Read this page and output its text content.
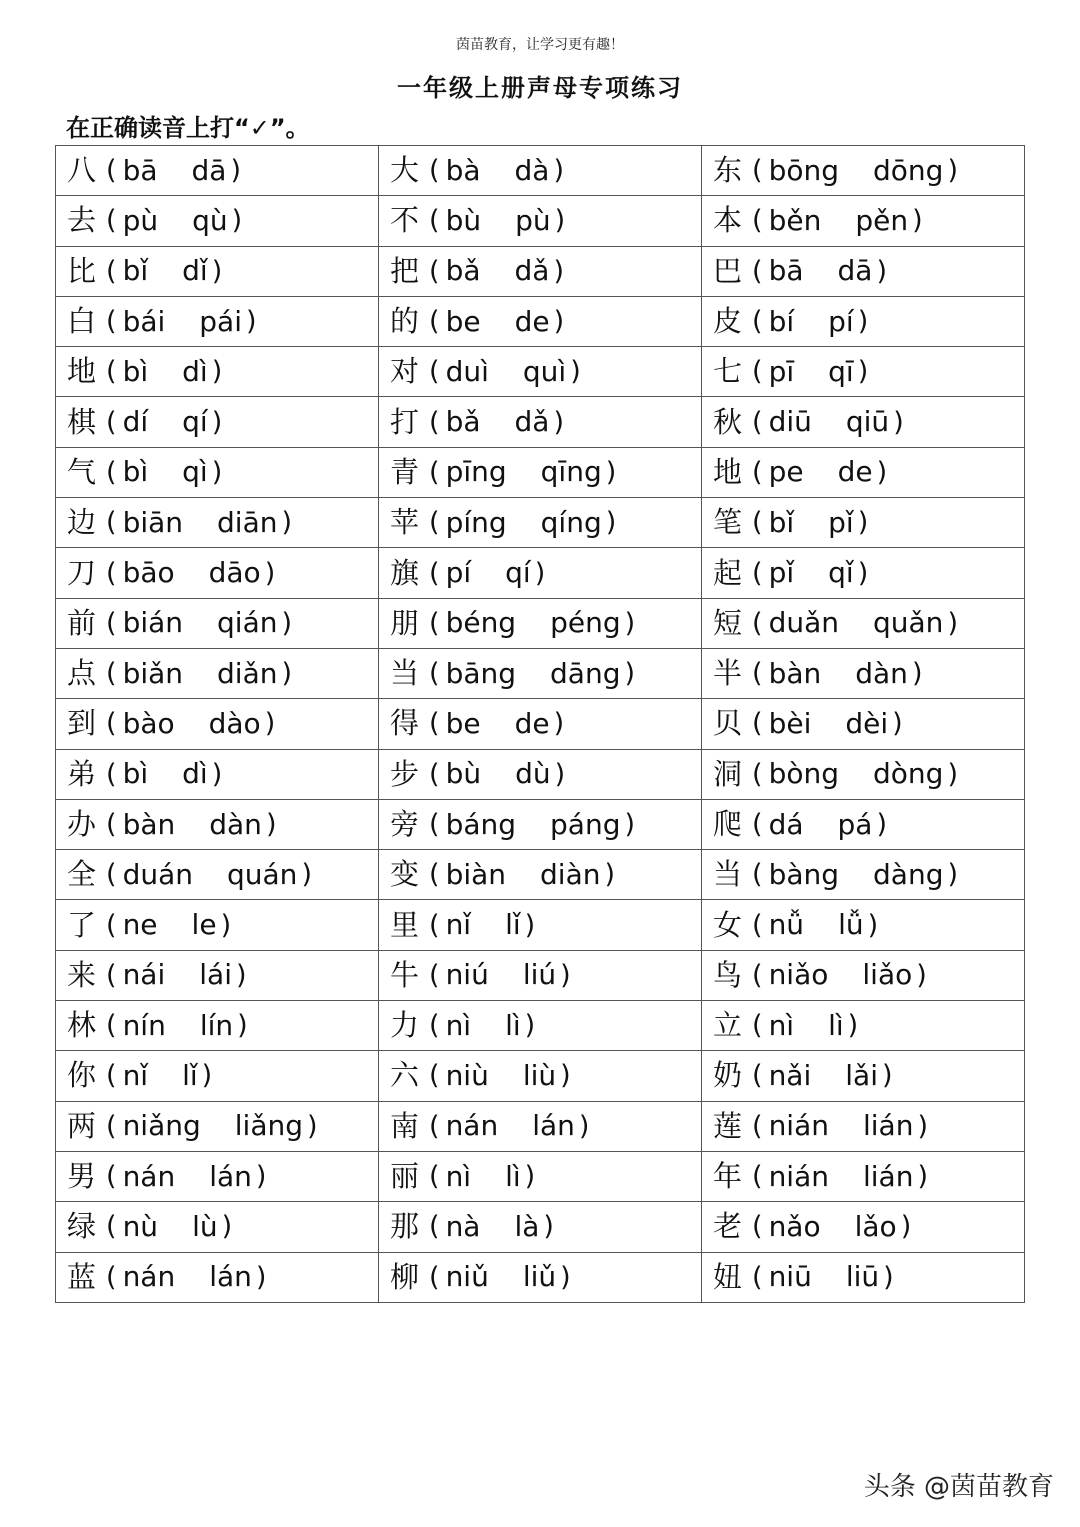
茵苗教育，让学习更有趣！
一年级上册声母专项练习
在正确读音上打“✓”。
八 ( bā dā )	大 ( bà dà )	东 ( bōng dōng )

去 ( pù qù )	不 ( bù pù )	本 ( běn pěn )

比 ( bǐ dǐ )	把 ( bǎ dǎ )	巴 ( bā dā )

白 ( bái pái )	的 ( be de )	皮 ( bí pí )

地 ( bì dì )	对 ( duì quì )	七 ( pī qī )

棋 ( dí qí )	打 ( bǎ dǎ )	秋 ( diū qiū )

气 ( bì qì )	青 ( pīng qīng )	地 ( pe de )

边 ( biān diān )	苹 ( píng qíng )	笔 ( bǐ pǐ )

刀 ( bāo dāo )	旗 ( pí qí )	起 ( pǐ qǐ )

前 ( bián qián )	朋 ( béng péng )	短 ( duǎn quǎn )

点 ( biǎn diǎn )	当 ( bāng dāng )	半 ( bàn dàn )

到 ( bào dào )	得 ( be de )	贝 ( bèi dèi )

弟 ( bì dì )	步 ( bù dù )	洞 ( bòng dòng )

办 ( bàn dàn )	旁 ( báng páng )	爬 ( dá pá )

全 ( duán quán )	变 ( biàn diàn )	当 ( bàng dàng )

了 ( ne le )	里 ( nǐ lǐ )	女 ( nǚ lǚ )

来 ( nái lái )	牛 ( niú liú )	鸟 ( niǎo liǎo )

林 ( nín lín )	力 ( nì lì )	立 ( nì lì )

你 ( nǐ lǐ )	六 ( niù liù )	奶 ( nǎi lǎi )

两 ( niǎng liǎng )	南 ( nán lán )	莲 ( nián lián )

男 ( nán lán )	丽 ( nì lì )	年 ( nián lián )

绿 ( nù lù )	那 ( nà là )	老 ( nǎo lǎo )

蓝 ( nán lán )	柳 ( niǔ liǔ )	妞 ( niū liū )
头条 @茵苗教育
